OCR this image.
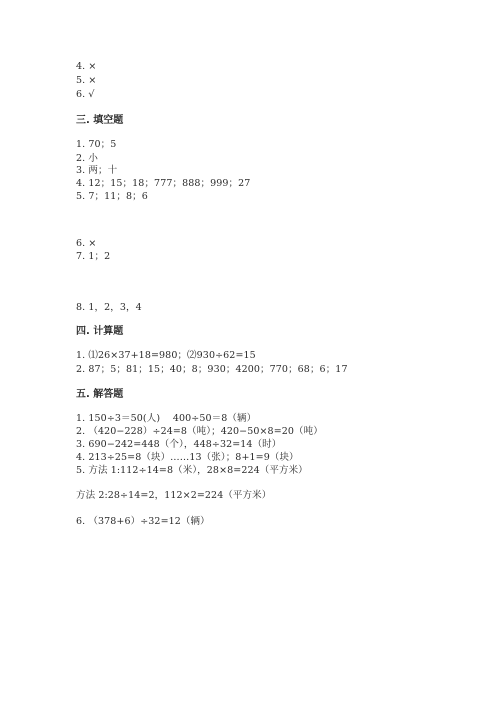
4. ×
5. ×
6. √
三. 填空题
1. 70；5
2. 小
3. 两；十
4. 12；15；18；777；888；999；27
5. 7；11；8；6
6. ×
7. 1；2
8. 1，2，3，4
四. 计算题
1. ⑴26×37+18=980；⑵930÷62=15
2. 87；5；81；15；40；8；930；4200；770；68；6；17
五. 解答题
1. 150÷3＝50(人)　 400÷50＝8（辆）
2. （420−228）÷24=8（吨）；420−50×8=20（吨）
3. 690−242=448（个），448÷32=14（时）
4. 213÷25=8（块）……13（张）；8+1=9（块）
5. 方法 1:112÷14=8（米），28×8=224（平方米）
方法 2:28÷14=2，112×2=224（平方米）
6. （378+6）÷32=12（辆）
